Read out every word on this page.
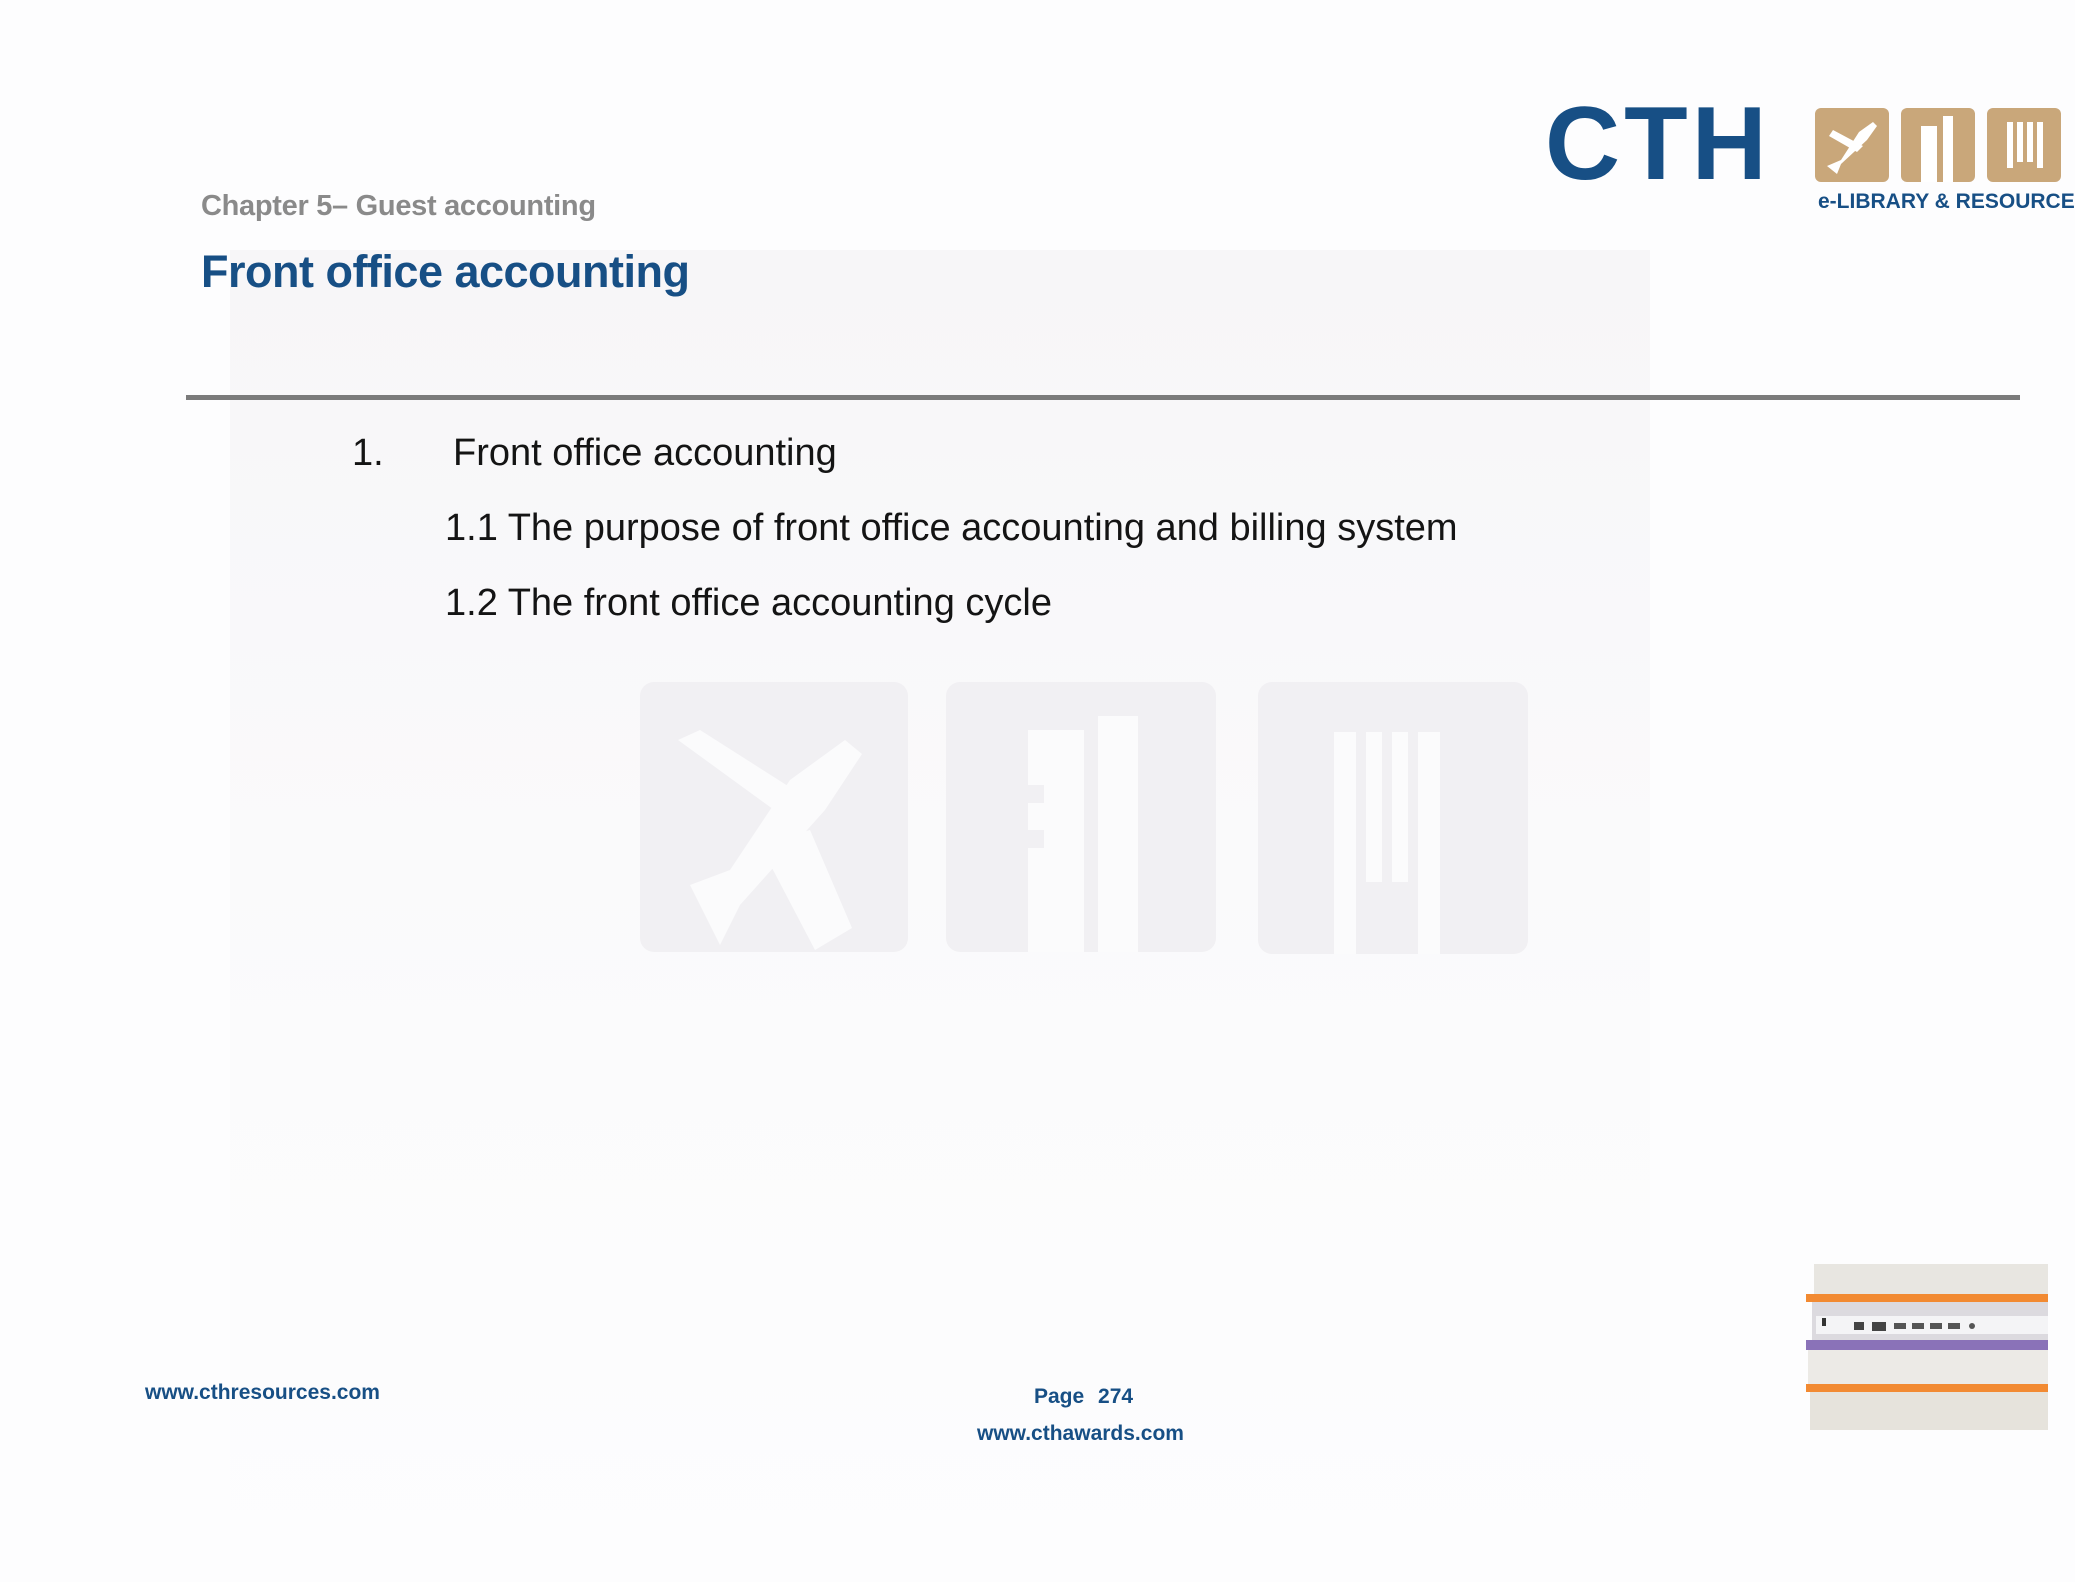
Chapter 5– Guest accounting
Front office accounting
CTH e-LIBRARY & RESOURCE
1. Front office accounting
1.1 The purpose of front office accounting and billing system
1.2 The front office accounting cycle
www.cthresources.com	Page 274
www.cthawards.com
